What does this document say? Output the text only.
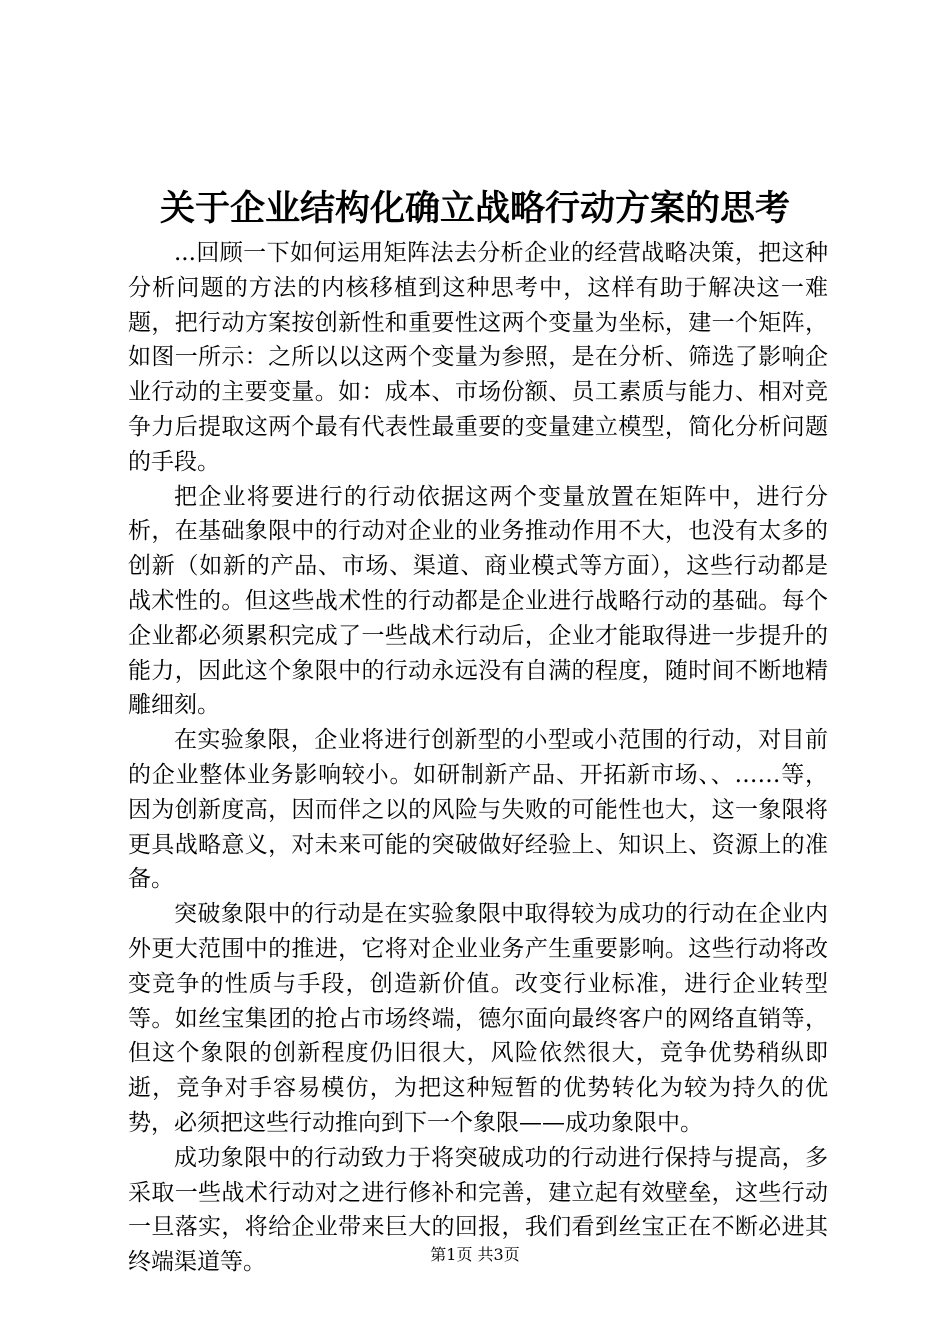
关于企业结构化确立战略行动方案的思考

...回顾一下如何运用矩阵法去分析企业的经营战略决策，把这种分析问题的方法的内核移植到这种思考中，这样有助于解决这一难题，把行动方案按创新性和重要性这两个变量为坐标，建一个矩阵，如图一所示：之所以以这两个变量为参照，是在分析、筛选了影响企业行动的主要变量。如：成本、市场份额、员工素质与能力、相对竞争力后提取这两个最有代表性最重要的变量建立模型，简化分析问题的手段。

把企业将要进行的行动依据这两个变量放置在矩阵中，进行分析，在基础象限中的行动对企业的业务推动作用不大，也没有太多的创新（如新的产品、市场、渠道、商业模式等方面），这些行动都是战术性的。但这些战术性的行动都是企业进行战略行动的基础。每个企业都必须累积完成了一些战术行动后，企业才能取得进一步提升的能力，因此这个象限中的行动永远没有自满的程度，随时间不断地精雕细刻。

在实验象限，企业将进行创新型的小型或小范围的行动，对目前的企业整体业务影响较小。如研制新产品、开拓新市场、、……等，因为创新度高，因而伴之以的风险与失败的可能性也大，这一象限将更具战略意义，对未来可能的突破做好经验上、知识上、资源上的准备。

突破象限中的行动是在实验象限中取得较为成功的行动在企业内外更大范围中的推进，它将对企业业务产生重要影响。这些行动将改变竞争的性质与手段，创造新价值。改变行业标准，进行企业转型等。如丝宝集团的抢占市场终端，德尔面向最终客户的网络直销等，但这个象限的创新程度仍旧很大，风险依然很大，竞争优势稍纵即逝，竞争对手容易模仿，为把这种短暂的优势转化为较为持久的优势，必须把这些行动推向到下一个象限——成功象限中。

成功象限中的行动致力于将突破成功的行动进行保持与提高，多采取一些战术行动对之进行修补和完善，建立起有效壁垒，这些行动一旦落实，将给企业带来巨大的回报，我们看到丝宝正在不断必进其终端渠道等。	第1页 共3页
